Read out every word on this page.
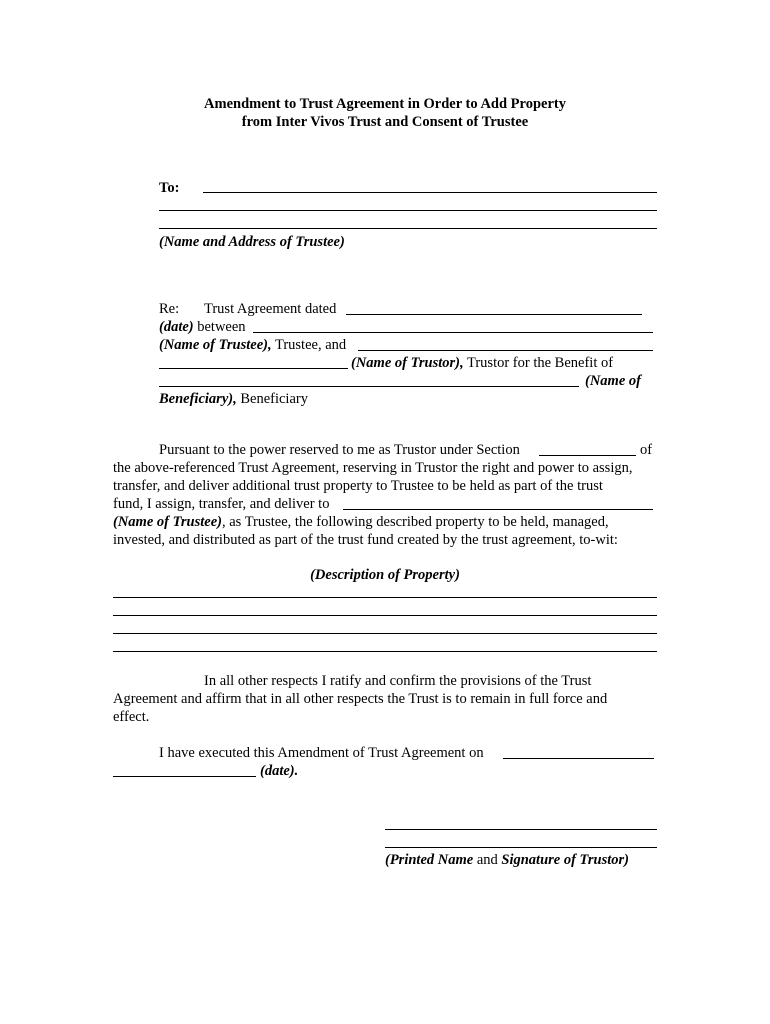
Amendment to Trust Agreement in Order to Add Property
from Inter Vivos Trust and Consent of Trustee
To:
(Name and Address of Trustee)
Re: Trust Agreement dated
(date) between
(Name of Trustee), Trustee, and
(Name of Trustor), Trustor for the Benefit of
(Name of
Beneficiary), Beneficiary
Pursuant to the power reserved to me as Trustor under Section	of
the above-referenced Trust Agreement, reserving in Trustor the right and power to assign,
transfer, and deliver additional trust property to Trustee to be held as part of the trust
fund, I assign, transfer, and deliver to
(Name of Trustee), as Trustee, the following described property to be held, managed,
invested, and distributed as part of the trust fund created by the trust agreement, to-wit:
(Description of Property)
In all other respects I ratify and confirm the provisions of the Trust
Agreement and affirm that in all other respects the Trust is to remain in full force and
effect.
I have executed this Amendment of Trust Agreement on
(date).
(Printed Name and Signature of Trustor)
